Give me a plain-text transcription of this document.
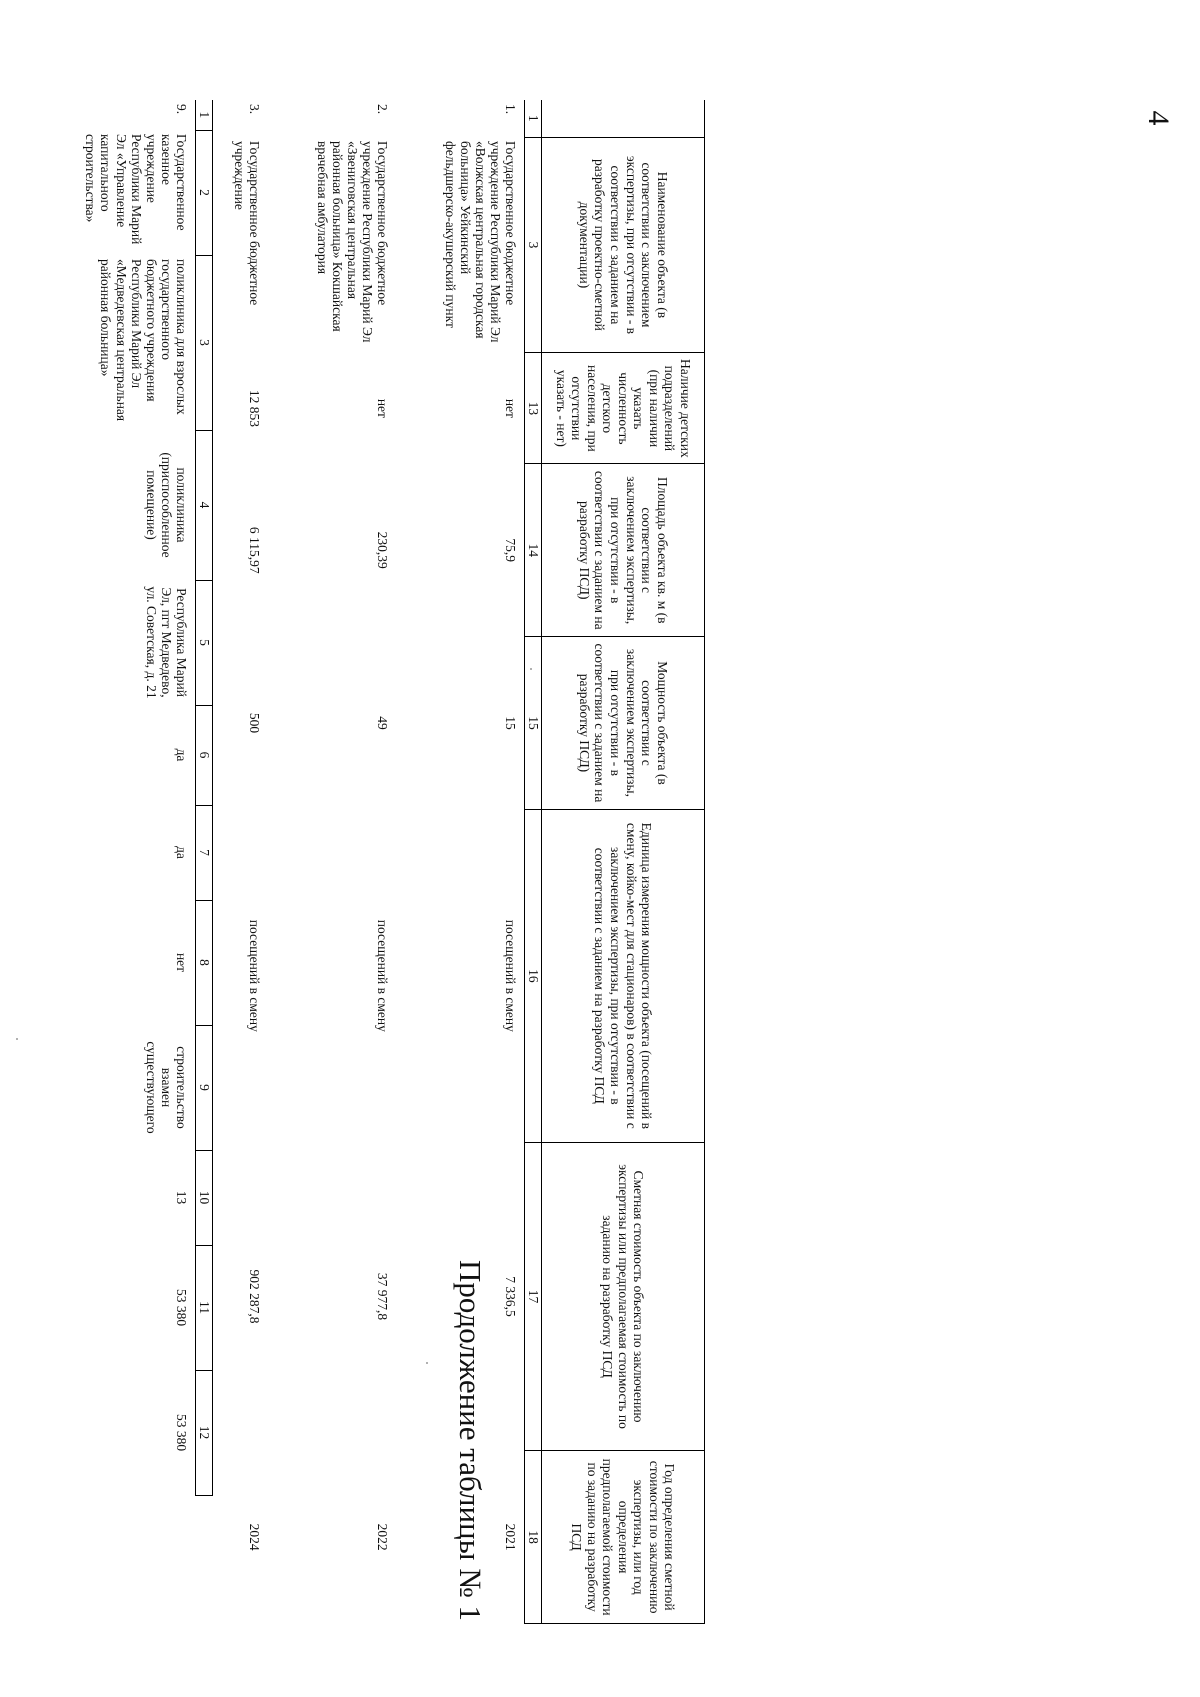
4
1	2	3	4	5	6	7	8	9	10	11	12
9.	Государственное казенное учреждение Республики Марий Эл «Управление капитального строительства»	поликлиника для взрослых государственного бюджетного учреждения Республики Марий Эл «Медведевская центральная районная больница»	поликлиника (приспособленное помещение)	Республика Марий Эл, пгт Медведево, ул. Советская, д. 21	да	да	нет	строительство взамен существующего	13	53 380	53 380	Продолжение таблицы № 1
	Наименование объекта (в соответствии с заключением экспертизы, при отсутствии - в соответствии с заданием на разработку проектно-сметной документации)	Наличие детских подразделений (при наличии указать численность детского населения, при отсутствии указать - нет)	Площадь объекта кв. м (в соответствии с заключением экспертизы, при отсутствии - в соответствии с заданием на разработку ПСД)	Мощность объекта (в соответствии с заключением экспертизы, при отсутствии - в соответствии с заданием на разработку ПСД)	Единица измерения мощности объекта (посещений в смену, койко-мест для стационаров) в соответствии с заключением экспертизы, при отсутствии - в соответствии с заданием на разработку ПСД	Сметная стоимость объекта по заключению экспертизы или предполагаемая стоимость по заданию на разработку ПСД	Год определения сметной стоимости по заключению экспертизы, или год определения предполагаемой стоимости по заданию на разработку ПСД
1	3	13	14	15	16	17	18
1.	Государственное бюджетное учреждение Республики Марий Эл «Волжская центральная городская больница» Уейкинский фельдшерско-акушерский пункт	нет	75,9	15	посещений в смену	7 336,5	2021
2.	Государственное бюджетное учреждение Республики Марий Эл «Звениговская центральная районная больница» Кокшайская врачебная амбулатория	нет	230,39	49	посещений в смену	37 977,8	2022
3.	Государственное бюджетное учреждение	12 853	6 115,97	500	посещений в смену	902 287,8	2024
